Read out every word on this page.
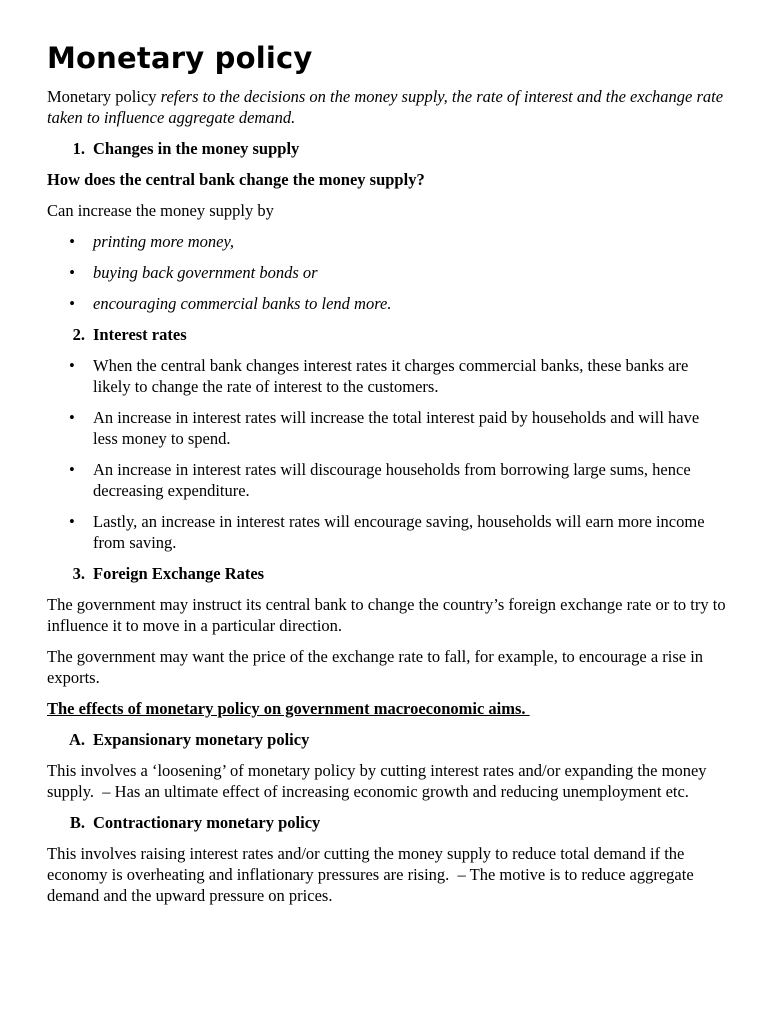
Monetary policy

Monetary policy refers to the decisions on the money supply, the rate of interest and the exchange rate taken to influence aggregate demand.

1. Changes in the money supply

How does the central bank change the money supply?

Can increase the money supply by

• printing more money,
• buying back government bonds or
• encouraging commercial banks to lend more.
2. Interest rates
• When the central bank changes interest rates it charges commercial banks, these banks are likely to change the rate of interest to the customers.
• An increase in interest rates will increase the total interest paid by households and will have less money to spend.
• An increase in interest rates will discourage households from borrowing large sums, hence decreasing expenditure.
• Lastly, an increase in interest rates will encourage saving, households will earn more income from saving.
3. Foreign Exchange Rates

The government may instruct its central bank to change the country’s foreign exchange rate or to try to influence it to move in a particular direction.

The government may want the price of the exchange rate to fall, for example, to encourage a rise in exports.

The effects of monetary policy on government macroeconomic aims.

A. Expansionary monetary policy

This involves a ‘loosening’ of monetary policy by cutting interest rates and/or expanding the money supply.  – Has an ultimate effect of increasing economic growth and reducing unemployment etc.

B. Contractionary monetary policy

This involves raising interest rates and/or cutting the money supply to reduce total demand if the economy is overheating and inflationary pressures are rising.  – The motive is to reduce aggregate demand and the upward pressure on prices.
